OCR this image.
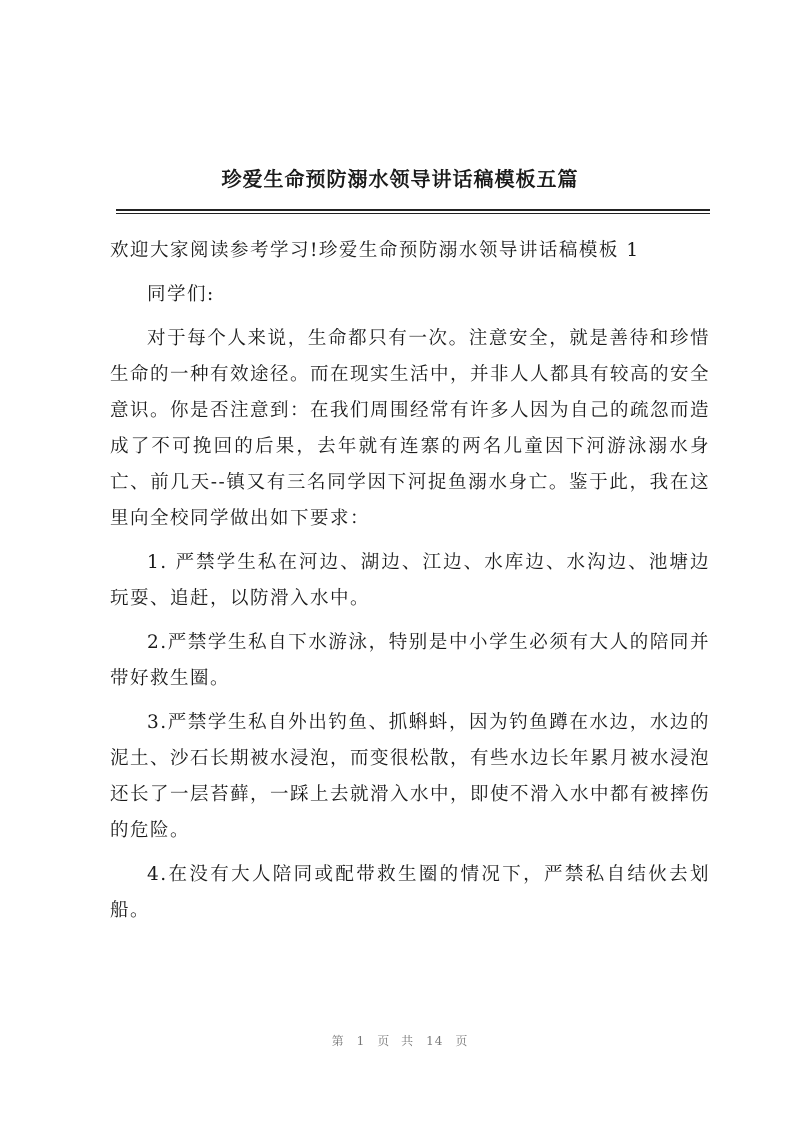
珍爱生命预防溺水领导讲话稿模板五篇

欢迎大家阅读参考学习!珍爱生命预防溺水领导讲话稿模板 1

同学们:

对于每个人来说，生命都只有一次。注意安全，就是善待和珍惜生命的一种有效途径。而在现实生活中，并非人人都具有较高的安全意识。你是否注意到：在我们周围经常有许多人因为自己的疏忽而造成了不可挽回的后果，去年就有连寨的两名儿童因下河游泳溺水身亡、前几天--镇又有三名同学因下河捉鱼溺水身亡。鉴于此，我在这里向全校同学做出如下要求：

1. 严禁学生私在河边、湖边、江边、水库边、水沟边、池塘边玩耍、追赶，以防滑入水中。

2.严禁学生私自下水游泳，特别是中小学生必须有大人的陪同并带好救生圈。

3.严禁学生私自外出钓鱼、抓蝌蚪，因为钓鱼蹲在水边，水边的泥土、沙石长期被水浸泡，而变很松散，有些水边长年累月被水浸泡还长了一层苔藓，一踩上去就滑入水中，即使不滑入水中都有被摔伤的危险。

4.在没有大人陪同或配带救生圈的情况下，严禁私自结伙去划船。

第 1 页 共 14 页
